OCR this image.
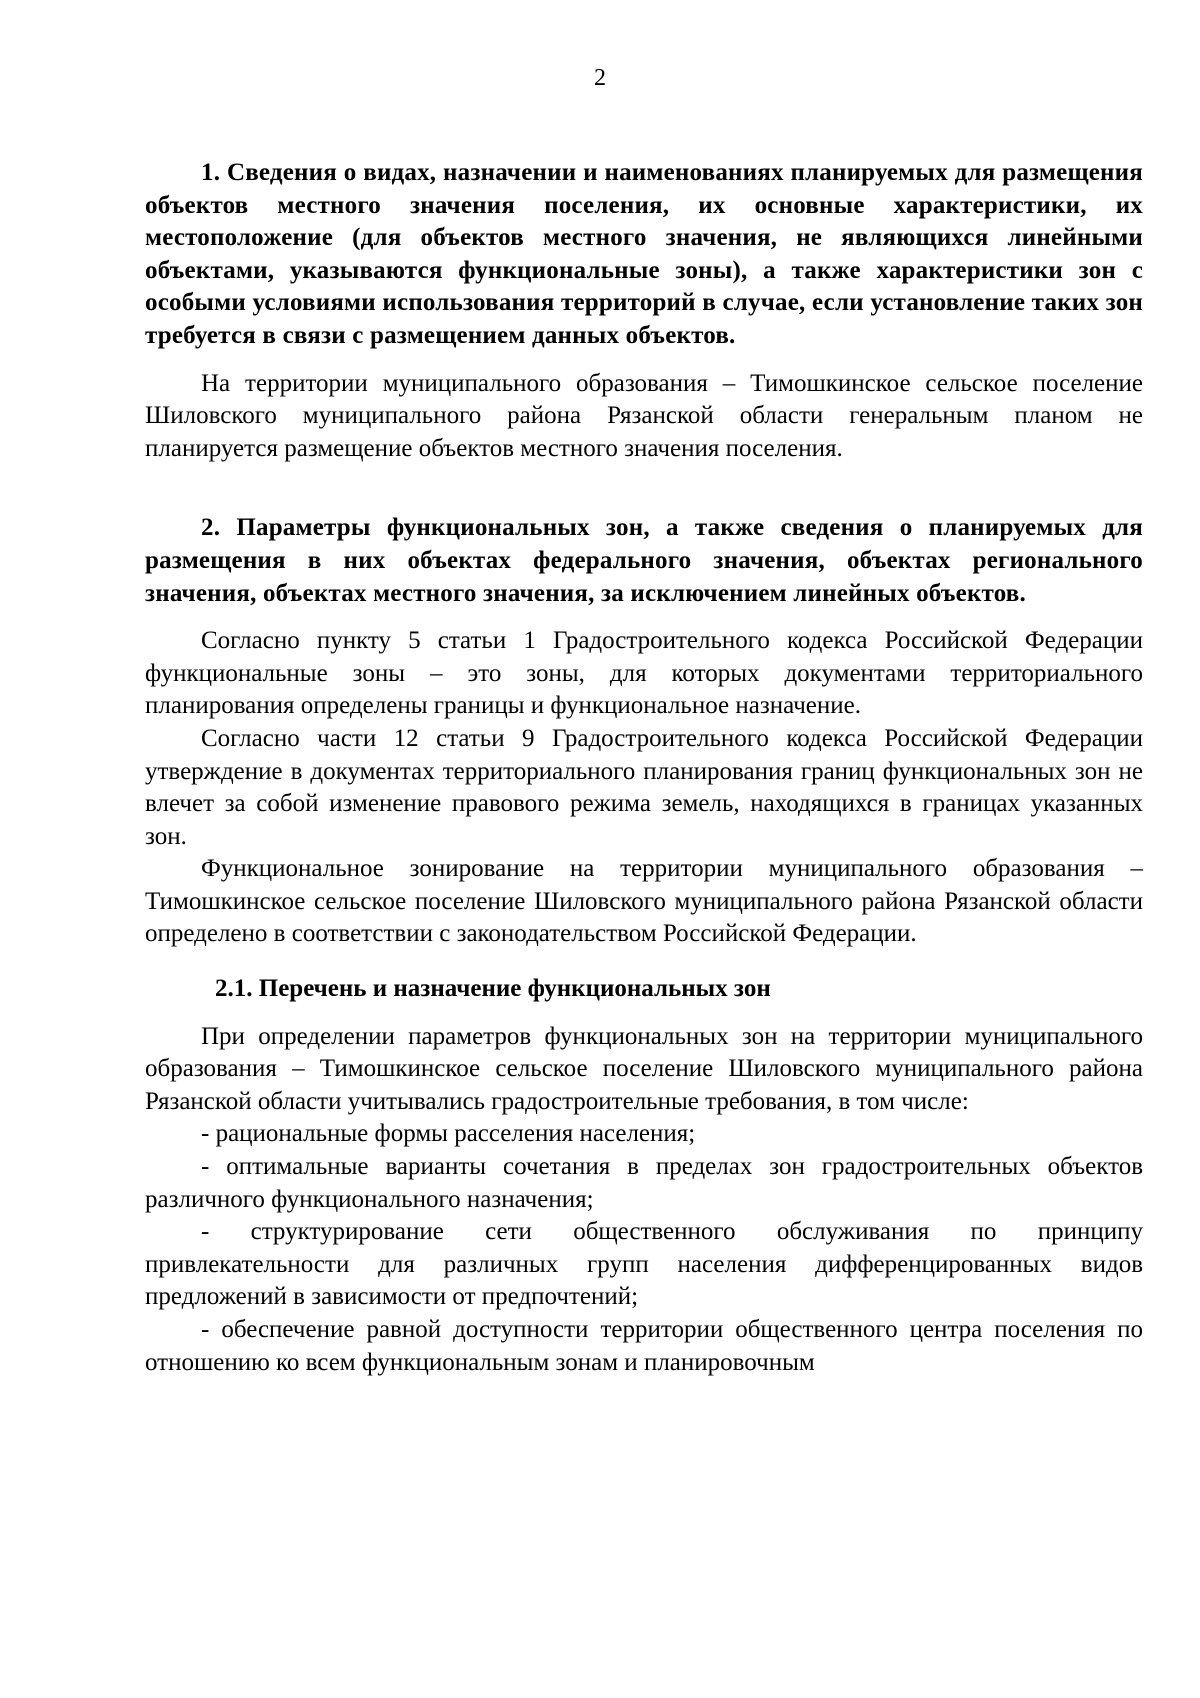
2

1. Сведения о видах, назначении и наименованиях планируемых для размещения объектов местного значения поселения, их основные характеристики, их местоположение (для объектов местного значения, не являющихся линейными объектами, указываются функциональные зоны), а также характеристики зон с особыми условиями использования территорий в случае, если установление таких зон требуется в связи с размещением данных объектов.

На территории муниципального образования – Тимошкинское сельское поселение Шиловского муниципального района Рязанской области генеральным планом не планируется размещение объектов местного значения поселения.

2. Параметры функциональных зон, а также сведения о планируемых для размещения в них объектах федерального значения, объектах регионального значения, объектах местного значения, за исключением линейных объектов.

Согласно пункту 5 статьи 1 Градостроительного кодекса Российской Федерации функциональные зоны – это зоны, для которых документами территориального планирования определены границы и функциональное назначение.

Согласно части 12 статьи 9 Градостроительного кодекса Российской Федерации утверждение в документах территориального планирования границ функциональных зон не влечет за собой изменение правового режима земель, находящихся в границах указанных зон.

Функциональное зонирование на территории муниципального образования – Тимошкинское сельское поселение Шиловского муниципального района Рязанской области определено в соответствии с законодательством Российской Федерации.

2.1. Перечень и назначение функциональных зон

При определении параметров функциональных зон на территории муниципального образования – Тимошкинское сельское поселение Шиловского муниципального района Рязанской области учитывались градостроительные требования, в том числе:

- рациональные формы расселения населения;

- оптимальные варианты сочетания в пределах зон градостроительных объектов различного функционального назначения;

- структурирование сети общественного обслуживания по принципу привлекательности для различных групп населения дифференцированных видов предложений в зависимости от предпочтений;

- обеспечение равной доступности территории общественного центра поселения по отношению ко всем функциональным зонам и планировочным
